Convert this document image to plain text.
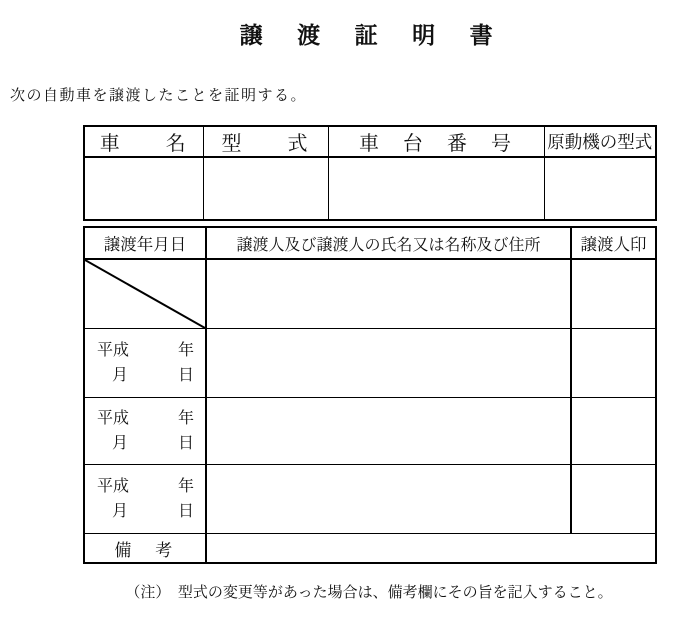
譲　渡　証　明　書

次の自動車を譲渡したことを証明する。

車　　名	型　　式	車　台　番　号	原動機の型式

譲渡年月日	譲渡人及び譲渡人の氏名又は名称及び住所	譲渡人印

平成 年
月 日		

平成 年
月 日		

平成 年
月 日		

備　考		

（注）　型式の変更等があった場合は、備考欄にその旨を記入すること。
